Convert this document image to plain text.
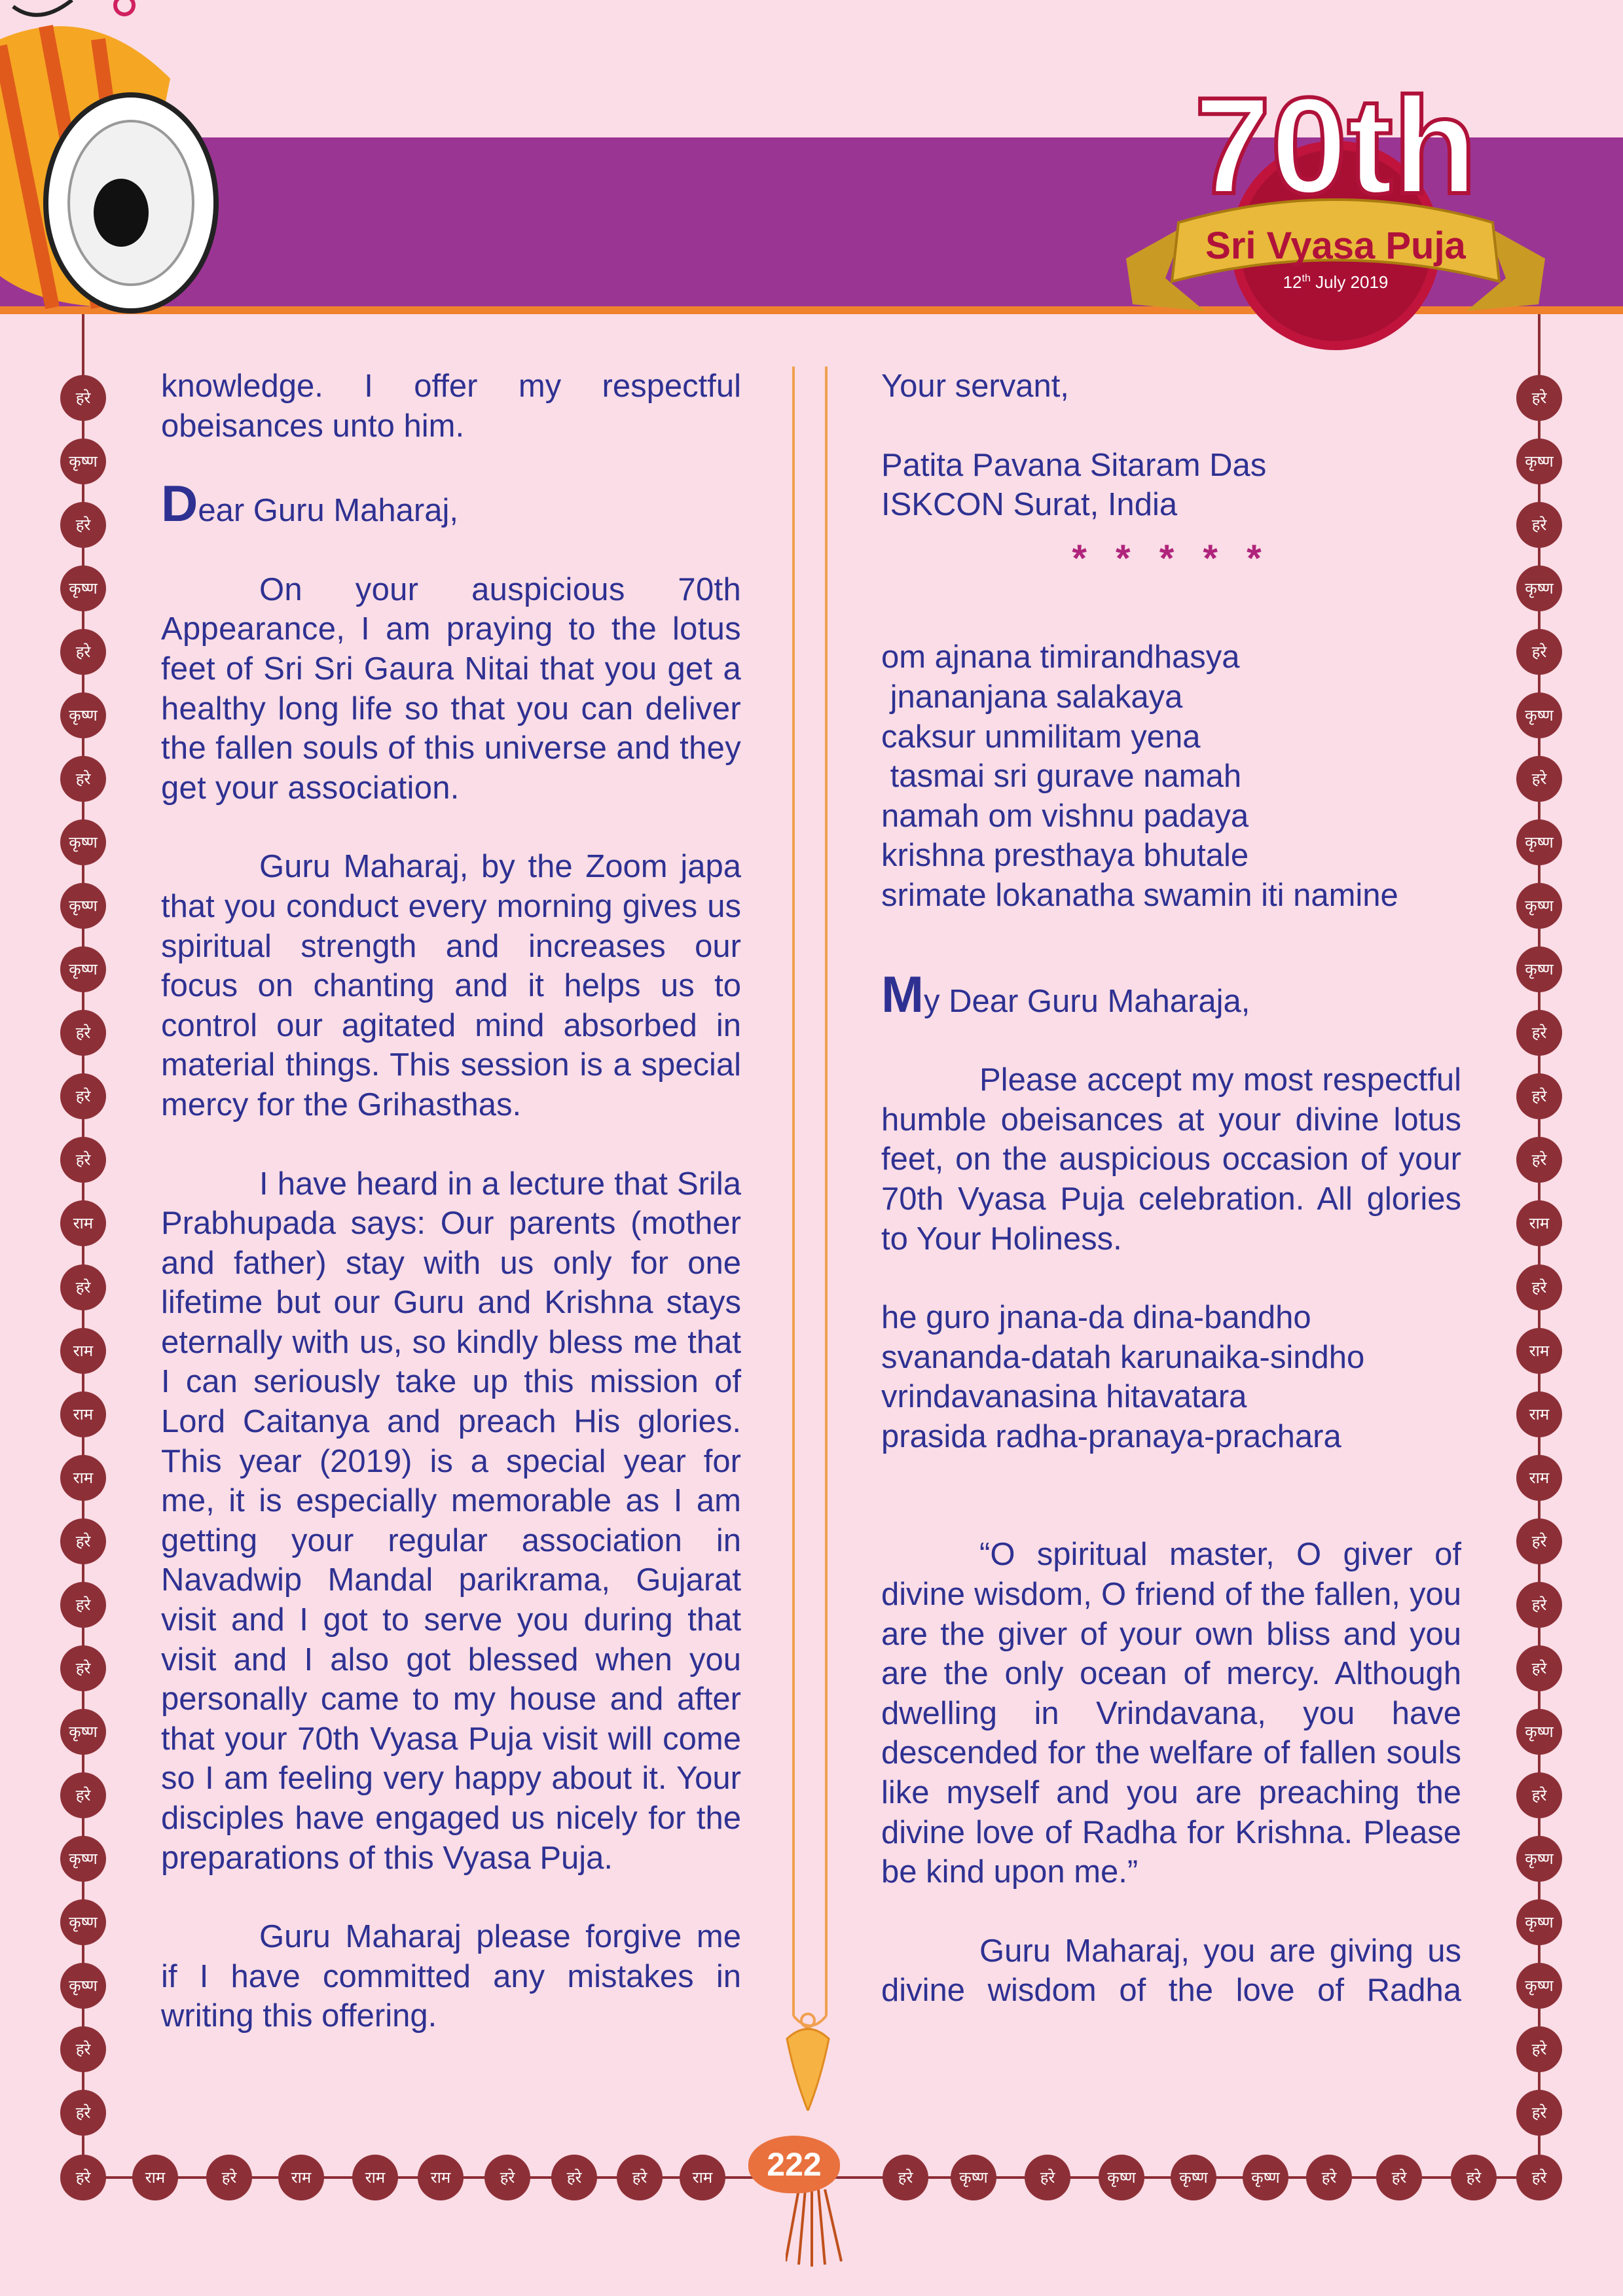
70th
Sri Vyasa Puja
12th July 2019
हरे
कृष्ण
हरे
कृष्ण
हरे
कृष्ण
हरे
कृष्ण
कृष्ण
कृष्ण
हरे
हरे
हरे
राम
हरे
राम
राम
राम
हरे
हरे
हरे
कृष्ण
हरे
कृष्ण
कृष्ण
कृष्ण
हरे
हरे
हरे
कृष्ण
हरे
कृष्ण
हरे
कृष्ण
हरे
कृष्ण
कृष्ण
कृष्ण
हरे
हरे
हरे
राम
हरे
राम
राम
राम
हरे
हरे
हरे
कृष्ण
हरे
कृष्ण
कृष्ण
कृष्ण
हरे
हरे
हरे	राम	हरे	राम	राम	राम	हरे	हरे	हरे	राम	हरे	कृष्ण	हरे	कृष्ण	कृष्ण	कृष्ण	हरे	हरे	हरे	हरे
222

knowledge. I offer my respectful

obeisances unto him.

Dear Guru Maharaj,

On your auspicious 70th Appearance, I am praying to the lotus feet of Sri Sri Gaura Nitai that you get a healthy long life so that you can deliver the fallen souls of this universe and they get your association.

Guru Maharaj, by the Zoom japa that you conduct every morning gives us spiritual strength and increases our focus on chanting and it helps us to control our agitated mind absorbed in material things. This session is a special mercy for the Grihasthas.

I have heard in a lecture that Srila Prabhupada says: Our parents (mother and father) stay with us only for one lifetime but our Guru and Krishna stays eternally with us, so kindly bless me that I can seriously take up this mission of Lord Caitanya and preach His glories. This year (2019) is a special year for me, it is especially memorable as I am getting your regular association in Navadwip Mandal parikrama, Gujarat visit and I got to serve you during that visit and I also got blessed when you personally came to my house and after that your 70th Vyasa Puja visit will come so I am feeling very happy about it. Your disciples have engaged us nicely for the preparations of this Vyasa Puja.

Guru Maharaj please forgive me if I have committed any mistakes in writing this offering.

Your servant,

Patita Pavana Sitaram Das

ISKCON Surat, India

* * * * *

om ajnana timirandhasya

jnananjana salakaya

caksur unmilitam yena

tasmai sri gurave namah

namah om vishnu padaya

krishna presthaya bhutale

srimate lokanatha swamin iti namine

My Dear Guru Maharaja,

Please accept my most respectful humble obeisances at your divine lotus feet, on the auspicious occasion of your 70th Vyasa Puja celebration. All glories to Your Holiness.

he guro jnana-da dina-bandho

svananda-datah karunaika-sindho

vrindavanasina hitavatara

prasida radha-pranaya-prachara

“O spiritual master, O giver of divine wisdom, O friend of the fallen, you are the giver of your own bliss and you are the only ocean of mercy. Although dwelling in Vrindavana, you have descended for the welfare of fallen souls like myself and you are preaching the divine love of Radha for Krishna. Please be kind upon me.”

Guru Maharaj, you are giving us divine wisdom of the love of Radha
